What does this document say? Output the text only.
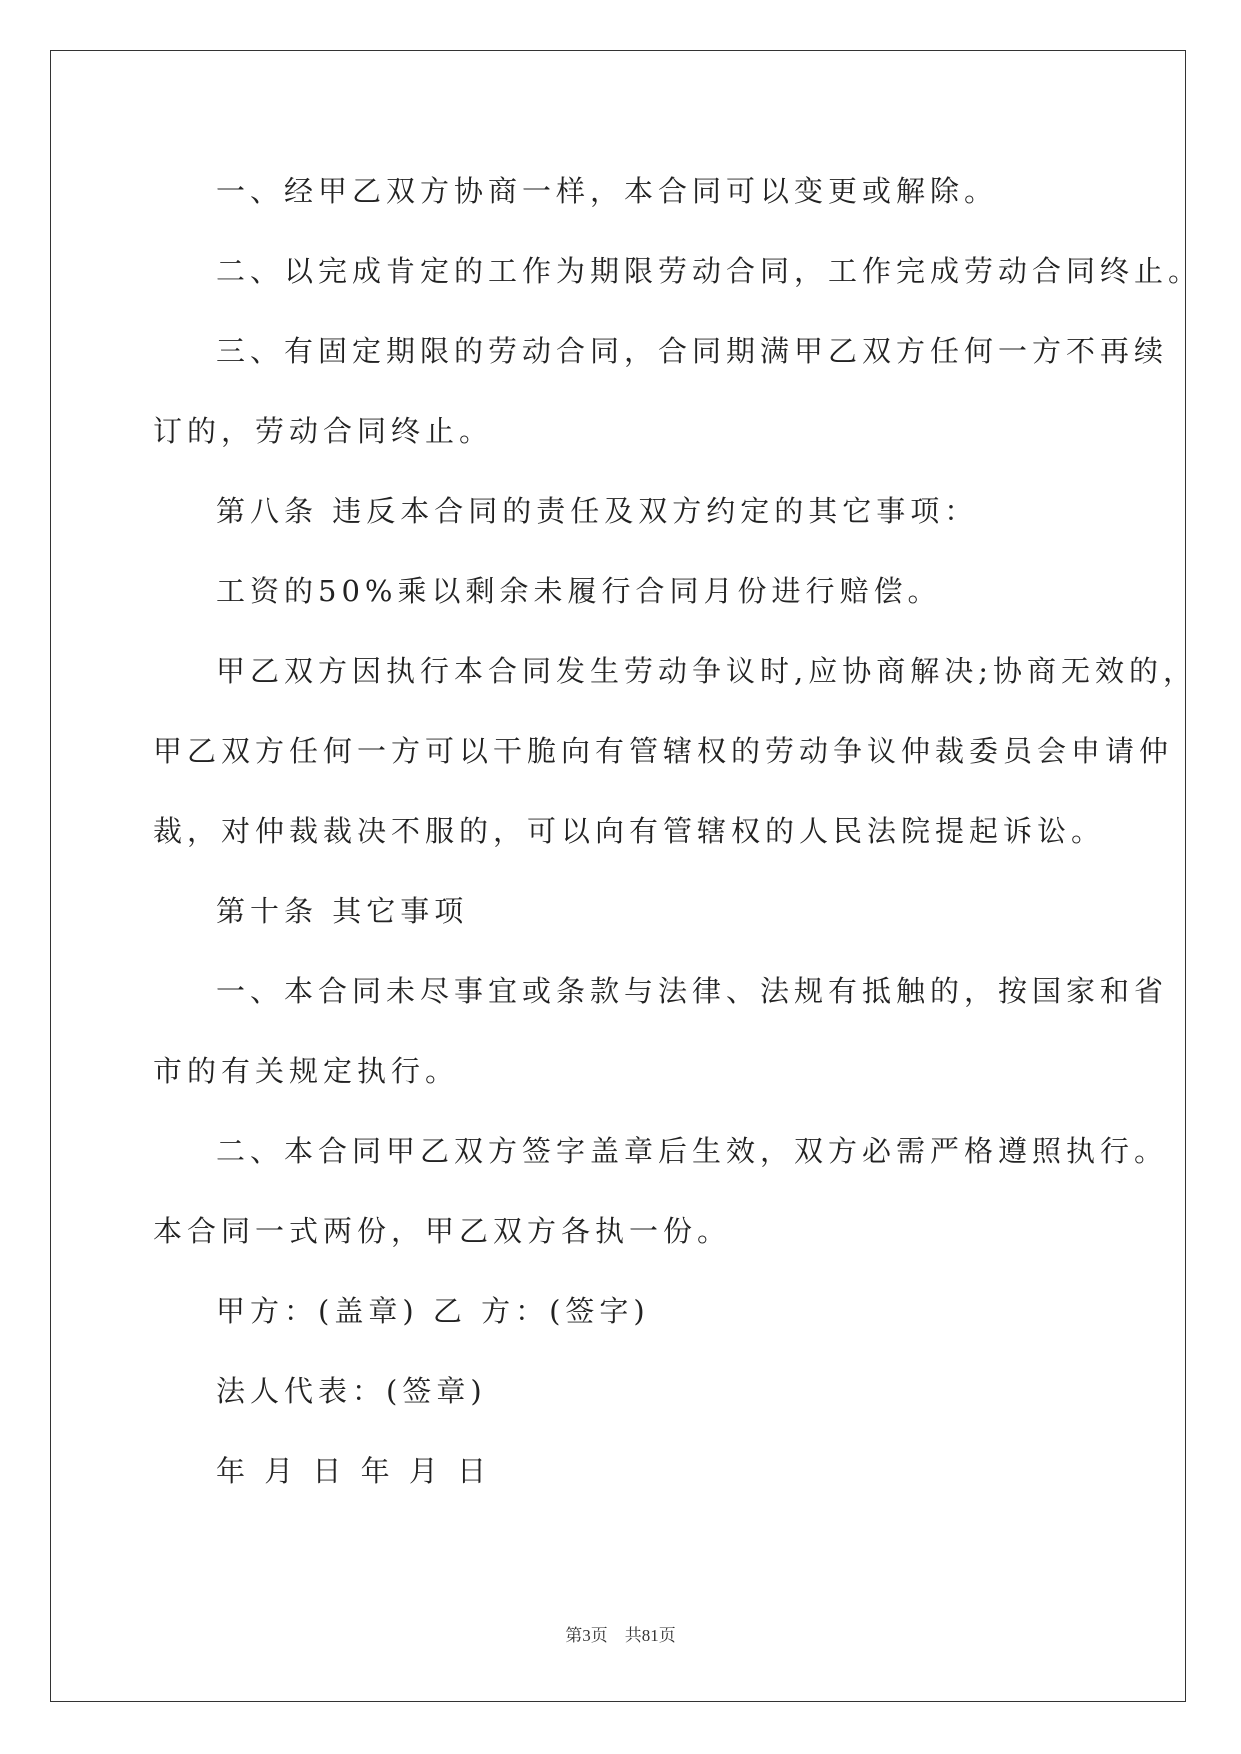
一、经甲乙双方协商一样，本合同可以变更或解除。
二、以完成肯定的工作为期限劳动合同，工作完成劳动合同终止。
三、有固定期限的劳动合同，合同期满甲乙双方任何一方不再续
订的，劳动合同终止。
第八条 违反本合同的责任及双方约定的其它事项：
工资的50%乘以剩余未履行合同月份进行赔偿。
甲乙双方因执行本合同发生劳动争议时,应协商解决;协商无效的，
甲乙双方任何一方可以干脆向有管辖权的劳动争议仲裁委员会申请仲
裁，对仲裁裁决不服的，可以向有管辖权的人民法院提起诉讼。
第十条 其它事项
一、本合同未尽事宜或条款与法律、法规有抵触的，按国家和省
市的有关规定执行。
二、本合同甲乙双方签字盖章后生效，双方必需严格遵照执行。
本合同一式两份，甲乙双方各执一份。
甲方：(盖章) 乙 方：(签字)
法人代表：(签章)
年 月 日 年 月 日
第3页　共81页
